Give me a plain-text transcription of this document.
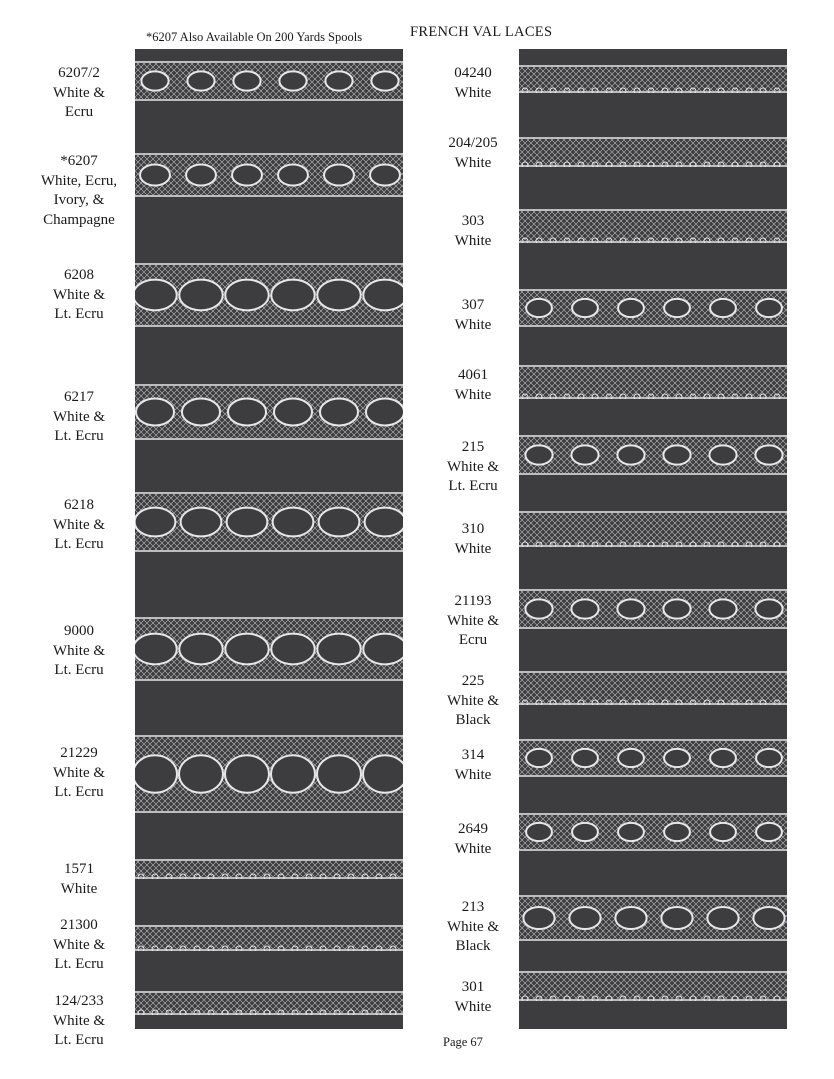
*6207 Also Available On 200 Yards Spools	FRENCH VAL LACES
6207/2
White &
Ecru
*6207
White, Ecru,
Ivory, &
Champagne
6208
White &
Lt. Ecru
6217
White &
Lt. Ecru
6218
White &
Lt. Ecru
9000
White &
Lt. Ecru
21229
White &
Lt. Ecru
1571
White
21300
White &
Lt. Ecru
124/233
White &
Lt. Ecru
04240
White
204/205
White
303
White
307
White
4061
White
215
White &
Lt. Ecru
310
White
21193
White &
Ecru
225
White &
Black
314
White
2649
White
213
White &
Black
301
White
Page 67
